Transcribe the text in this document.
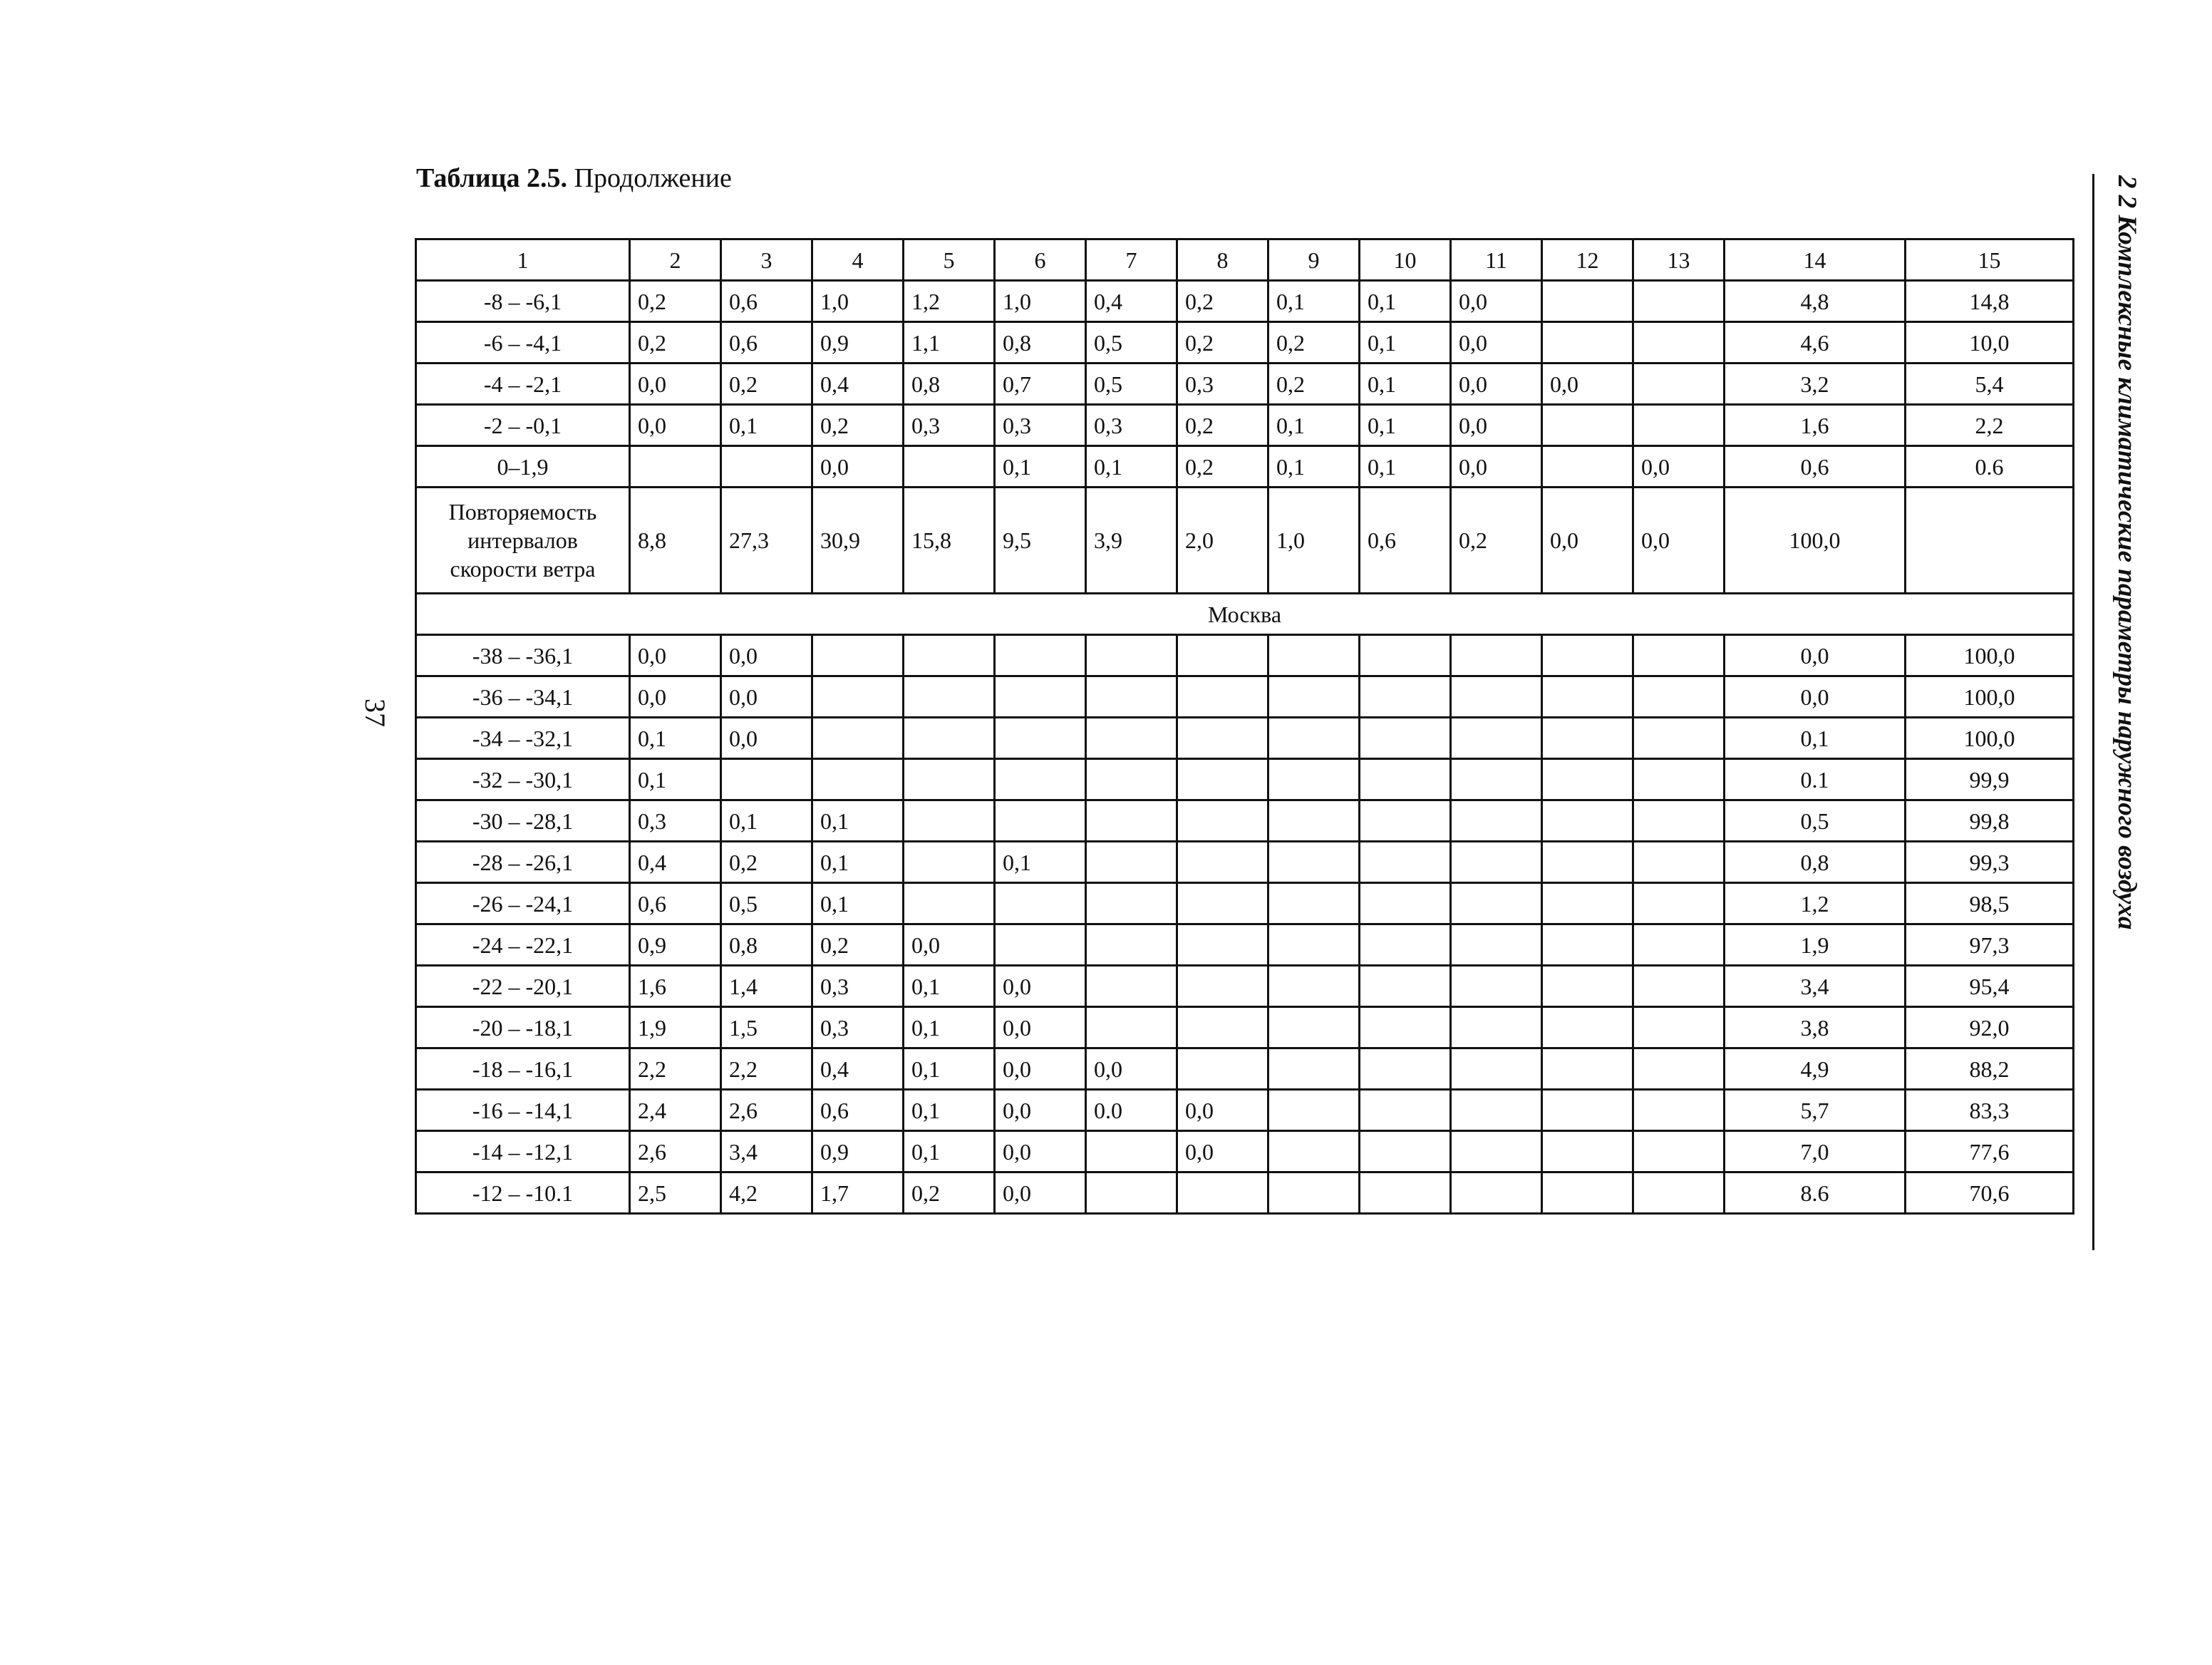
Таблица 2.5. Продолжение
1	2	3	4	5	6	7	8	9	10	11	12	13	14	15
-8 – -6,1	0,2	0,6	1,0	1,2	1,0	0,4	0,2	0,1	0,1	0,0			4,8	14,8
-6 – -4,1	0,2	0,6	0,9	1,1	0,8	0,5	0,2	0,2	0,1	0,0			4,6	10,0
-4 – -2,1	0,0	0,2	0,4	0,8	0,7	0,5	0,3	0,2	0,1	0,0	0,0		3,2	5,4
-2 – -0,1	0,0	0,1	0,2	0,3	0,3	0,3	0,2	0,1	0,1	0,0			1,6	2,2
0–1,9			0,0		0,1	0,1	0,2	0,1	0,1	0,0		0,0	0,6	0.6
Повторяемость интервалов скорости ветра	8,8	27,3	30,9	15,8	9,5	3,9	2,0	1,0	0,6	0,2	0,0	0,0	100,0	
Москва														
-38 – -36,1	0,0	0,0											0,0	100,0
-36 – -34,1	0,0	0,0											0,0	100,0
-34 – -32,1	0,1	0,0											0,1	100,0
-32 – -30,1	0,1												0.1	99,9
-30 – -28,1	0,3	0,1	0,1										0,5	99,8
-28 – -26,1	0,4	0,2	0,1		0,1								0,8	99,3
-26 – -24,1	0,6	0,5	0,1										1,2	98,5
-24 – -22,1	0,9	0,8	0,2	0,0									1,9	97,3
-22 – -20,1	1,6	1,4	0,3	0,1	0,0								3,4	95,4
-20 – -18,1	1,9	1,5	0,3	0,1	0,0								3,8	92,0
-18 – -16,1	2,2	2,2	0,4	0,1	0,0	0,0							4,9	88,2
-16 – -14,1	2,4	2,6	0,6	0,1	0,0	0.0	0,0						5,7	83,3
-14 – -12,1	2,6	3,4	0,9	0,1	0,0		0,0						7,0	77,6
-12 – -10.1	2,5	4,2	1,7	0,2	0,0								8.6	70,6
37	2 2 Комплексные климатические параметры наружного воздуха
